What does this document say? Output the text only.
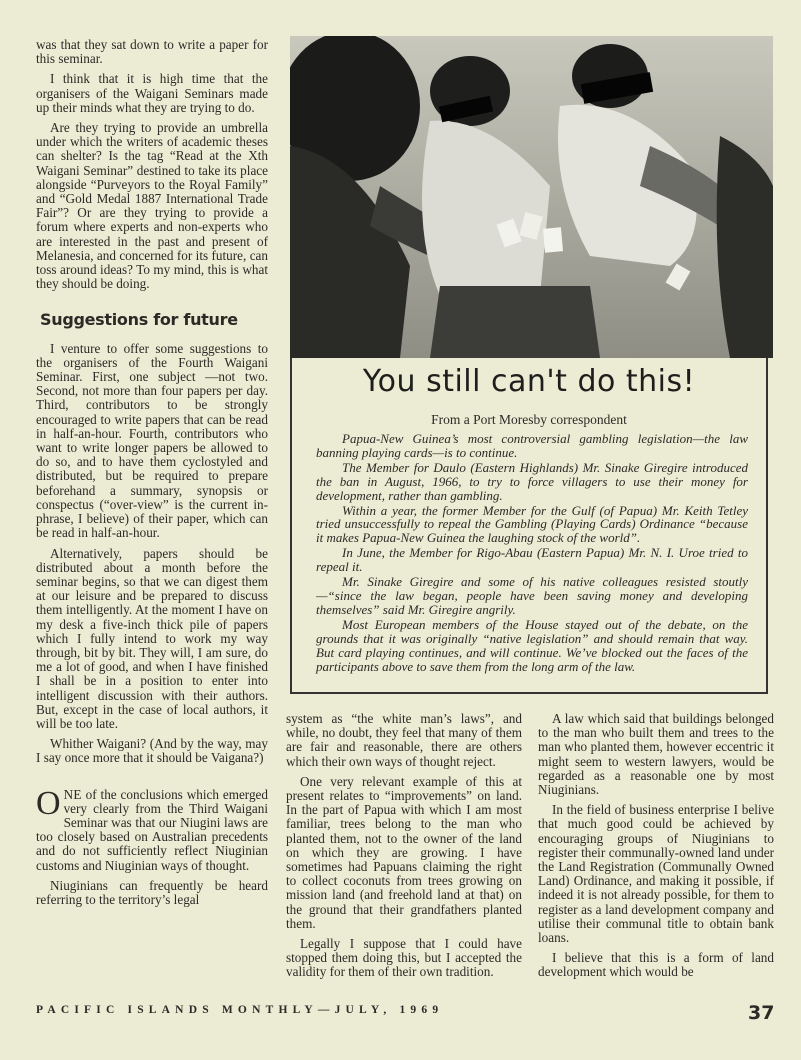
was that they sat down to write a paper for this seminar.

I think that it is high time that the organisers of the Waigani Seminars made up their minds what they are trying to do.

Are they trying to provide an umbrella under which the writers of academic theses can shelter? Is the tag “Read at the Xth Waigani Seminar” destined to take its place alongside “Purveyors to the Royal Family” and “Gold Medal 1887 International Trade Fair”? Or are they trying to provide a forum where experts and non-experts who are interested in the past and present of Melanesia, and concerned for its future, can toss around ideas? To my mind, this is what they should be doing.

Suggestions for future

I venture to offer some suggestions to the organisers of the Fourth Waigani Seminar. First, one subject —not two. Second, not more than four papers per day. Third, contributors to be strongly encouraged to write papers that can be read in half-an-hour. Fourth, contributors who want to write longer papers be allowed to do so, and to have them cyclostyled and distributed, but be required to prepare beforehand a summary, synopsis or conspectus (“over-view” is the current in-phrase, I believe) of their paper, which can be read in half-an-hour.

Alternatively, papers should be distributed about a month before the seminar begins, so that we can digest them at our leisure and be prepared to discuss them intelligently. At the moment I have on my desk a five-inch thick pile of papers which I fully intend to work my way through, bit by bit. They will, I am sure, do me a lot of good, and when I have finished I shall be in a position to enter into intelligent discussion with their authors. But, except in the case of local authors, it will be too late.

Whither Waigani? (And by the way, may I say once more that it should be Vaigana?)

ONE of the conclusions which emerged very clearly from the Third Waigani Seminar was that our Niugini laws are too closely based on Australian precedents and do not sufficiently reflect Niuginian customs and Niuginian ways of thought.

Niuginians can frequently be heard referring to the territory’s legal

You still can't do this!
From a Port Moresby correspondent

Papua-New Guinea’s most controversial gambling legislation—the law banning playing cards—is to continue.

The Member for Daulo (Eastern Highlands) Mr. Sinake Giregire introduced the ban in August, 1966, to try to force villagers to use their money for development, rather than gambling.

Within a year, the former Member for the Gulf (of Papua) Mr. Keith Tetley tried unsuccessfully to repeal the Gambling (Playing Cards) Ordinance “because it makes Papua-New Guinea the laughing stock of the world”.

In June, the Member for Rigo-Abau (Eastern Papua) Mr. N. I. Uroe tried to repeal it.

Mr. Sinake Giregire and some of his native colleagues resisted stoutly—“since the law began, people have been saving money and developing themselves” said Mr. Giregire angrily.

Most European members of the House stayed out of the debate, on the grounds that it was originally “native legislation” and should remain that way. But card playing continues, and will continue. We’ve blocked out the faces of the participants above to save them from the long arm of the law.

system as “the white man’s laws”, and while, no doubt, they feel that many of them are fair and reasonable, there are others which their own ways of thought reject.

One very relevant example of this at present relates to “improvements” on land. In the part of Papua with which I am most familiar, trees belong to the man who planted them, not to the owner of the land on which they are growing. I have sometimes had Papuans claiming the right to collect coconuts from trees growing on mission land (and freehold land at that) on the ground that their grandfathers planted them.

Legally I suppose that I could have stopped them doing this, but I accepted the validity for them of their own tradition.

A law which said that buildings belonged to the man who built them and trees to the man who planted them, however eccentric it might seem to western lawyers, would be regarded as a reasonable one by most Niuginians.

In the field of business enterprise I belive that much good could be achieved by encouraging groups of Niuginians to register their communally-owned land under the Land Registration (Communally Owned Land) Ordinance, and making it possible, if indeed it is not already possible, for them to register as a land development company and utilise their communal title to obtain bank loans.

I believe that this is a form of land development which would be

PACIFIC ISLANDS MONTHLY—JULY, 1969	37
